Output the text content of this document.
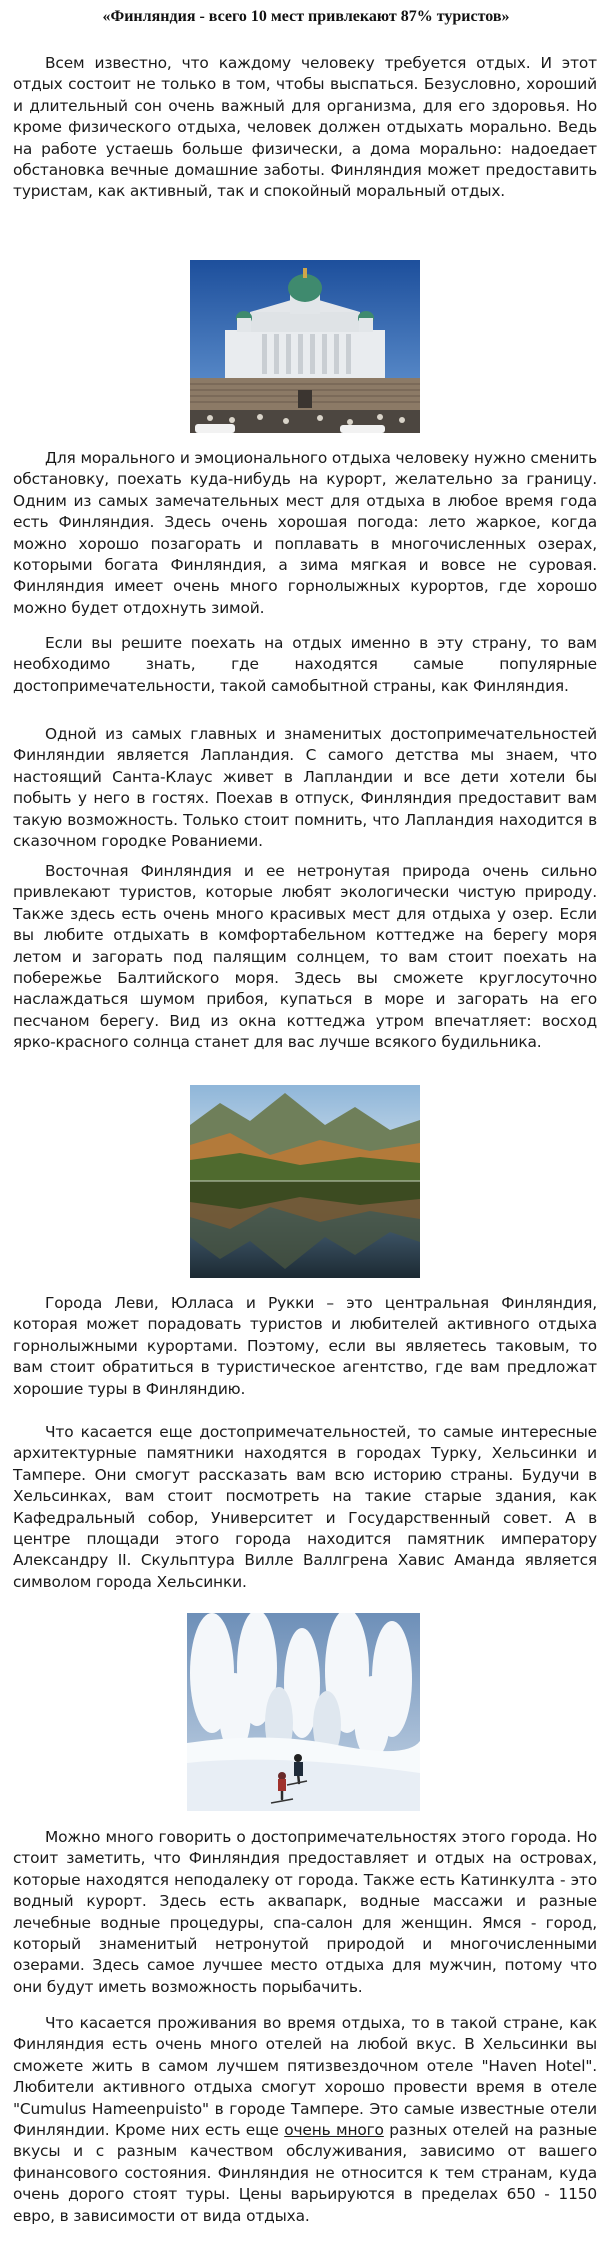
«Финляндия - всего 10 мест привлекают 87% туристов»

Всем известно, что каждому человеку требуется отдых. И этот отдых состоит не только в том, чтобы выспаться. Безусловно, хороший и длительный сон очень важный для организма, для его здоровья. Но кроме физического отдыха, человек должен отдыхать морально. Ведь на работе устаешь больше физически, а дома морально: надоедает обстановка вечные домашние заботы. Финляндия может предоставить туристам, как активный, так и спокойный моральный отдых.

Для морального и эмоционального отдыха человеку нужно сменить обстановку, поехать куда-нибудь на курорт, желательно за границу. Одним из самых замечательных мест для отдыха в любое время года есть Финляндия. Здесь очень хорошая погода: лето жаркое, когда можно хорошо позагорать и поплавать в многочисленных озерах, которыми богата Финляндия, а зима мягкая и вовсе не суровая. Финляндия имеет очень много горнолыжных курортов, где хорошо можно будет отдохнуть зимой.

Если вы решите поехать на отдых именно в эту страну, то вам необходимо знать, где находятся самые популярные достопримечательности, такой самобытной страны, как Финляндия.

Одной из самых главных и знаменитых достопримечательностей Финляндии является Лапландия. С самого детства мы знаем, что настоящий Санта-Клаус живет в Лапландии и все дети хотели бы побыть у него в гостях. Поехав в отпуск, Финляндия предоставит вам такую возможность. Только стоит помнить, что Лапландия находится в сказочном городке Рованиеми.

Восточная Финляндия и ее нетронутая природа очень сильно привлекают туристов, которые любят экологически чистую природу. Также здесь есть очень много красивых мест для отдыха у озер. Если вы любите отдыхать в комфортабельном коттедже на берегу моря летом и загорать под палящим солнцем, то вам стоит поехать на побережье Балтийского моря. Здесь вы сможете круглосуточно наслаждаться шумом прибоя, купаться в море и загорать на его песчаном берегу. Вид из окна коттеджа утром впечатляет: восход ярко-красного солнца станет для вас лучше всякого будильника.

Города Леви, Юлласа и Рукки – это центральная Финляндия, которая может порадовать туристов и любителей активного отдыха горнолыжными курортами. Поэтому, если вы являетесь таковым, то вам стоит обратиться в туристическое агентство, где вам предложат хорошие туры в Финляндию.

Что касается еще достопримечательностей, то самые интересные архитектурные памятники находятся в городах Турку, Хельсинки и Тампере. Они смогут рассказать вам всю историю страны. Будучи в Хельсинках, вам стоит посмотреть на такие старые здания, как Кафедральный собор, Университет и Государственный совет. А в центре площади этого города находится памятник императору Александру II. Скульптура Вилле Валлгрена Хавис Аманда является символом города Хельсинки.

Можно много говорить о достопримечательностях этого города. Но стоит заметить, что Финляндия предоставляет и отдых на островах, которые находятся неподалеку от города. Также есть Катинкулта - это водный курорт. Здесь есть аквапарк, водные массажи и разные лечебные водные процедуры, спа-салон для женщин. Ямся - город, который знаменитый нетронутой природой и многочисленными озерами. Здесь самое лучшее место отдыха для мужчин, потому что они будут иметь возможность порыбачить.

Что касается проживания во время отдыха, то в такой стране, как Финляндия есть очень много отелей на любой вкус. В Хельсинки вы сможете жить в самом лучшем пятизвездочном отеле "Haven Hotel". Любители активного отдыха смогут хорошо провести время в отеле "Cumulus Hameenpuisto" в городе Тампере. Это самые известные отели Финляндии. Кроме них есть еще очень много разных отелей на разные вкусы и с разным качеством обслуживания, зависимо от вашего финансового состояния. Финляндия не относится к тем странам, куда очень дорого стоят туры. Цены варьируются в пределах 650 - 1150 евро, в зависимости от вида отдыха.
